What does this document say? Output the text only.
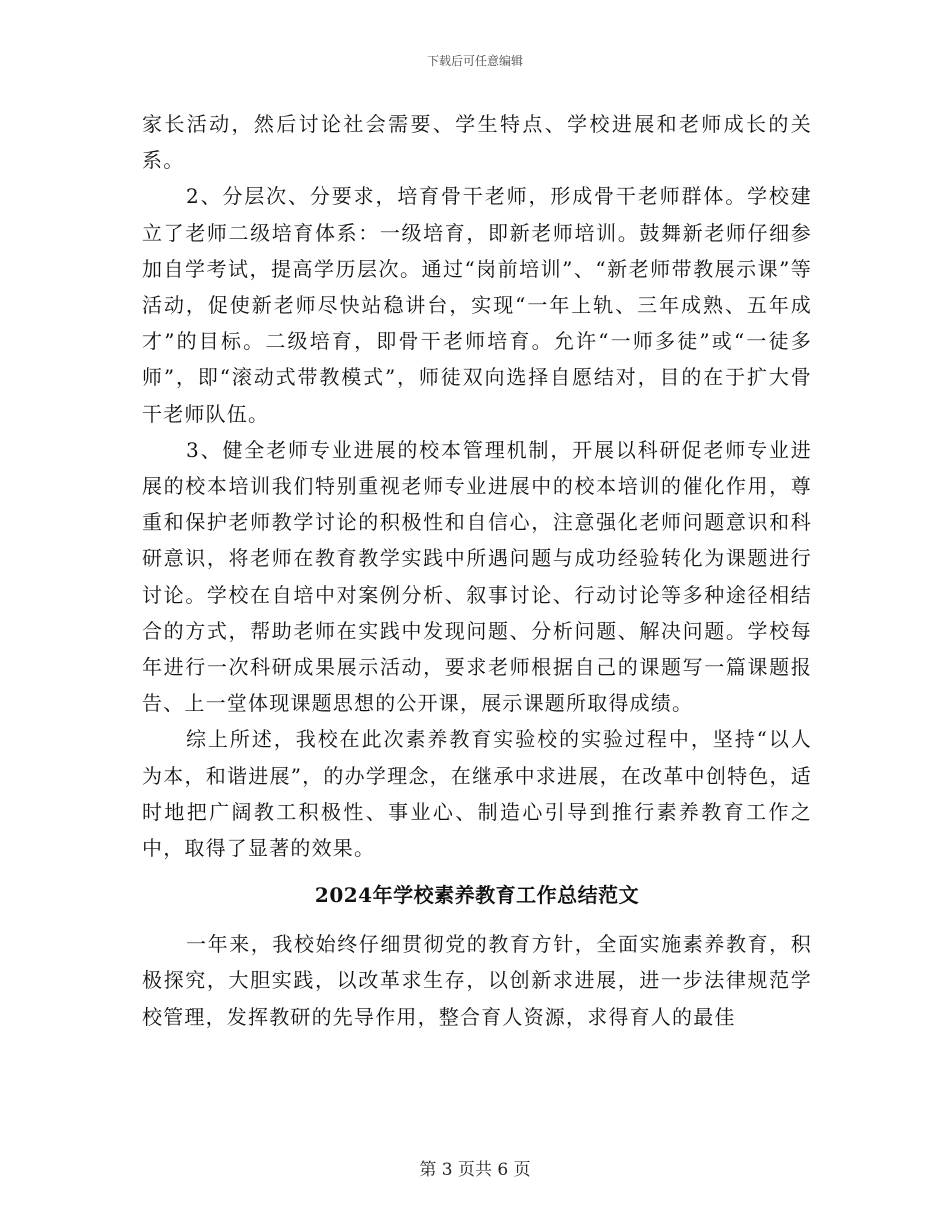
下载后可任意编辑

家长活动，然后讨论社会需要、学生特点、学校进展和老师成长的关系。

2、分层次、分要求，培育骨干老师，形成骨干老师群体。学校建立了老师二级培育体系：一级培育，即新老师培训。鼓舞新老师仔细参加自学考试，提高学历层次。通过“岗前培训”、“新老师带教展示课”等活动，促使新老师尽快站稳讲台，实现“一年上轨、三年成熟、五年成才”的目标。二级培育，即骨干老师培育。允许“一师多徒”或“一徒多师”，即“滚动式带教模式”，师徒双向选择自愿结对，目的在于扩大骨干老师队伍。

3、健全老师专业进展的校本管理机制，开展以科研促老师专业进展的校本培训我们特别重视老师专业进展中的校本培训的催化作用，尊重和保护老师教学讨论的积极性和自信心，注意强化老师问题意识和科研意识，将老师在教育教学实践中所遇问题与成功经验转化为课题进行讨论。学校在自培中对案例分析、叙事讨论、行动讨论等多种途径相结合的方式，帮助老师在实践中发现问题、分析问题、解决问题。学校每年进行一次科研成果展示活动，要求老师根据自己的课题写一篇课题报告、上一堂体现课题思想的公开课，展示课题所取得成绩。

综上所述，我校在此次素养教育实验校的实验过程中，坚持“以人为本，和谐进展”，的办学理念，在继承中求进展，在改革中创特色，适时地把广阔教工积极性、事业心、制造心引导到推行素养教育工作之中，取得了显著的效果。

2024年学校素养教育工作总结范文

一年来，我校始终仔细贯彻党的教育方针，全面实施素养教育，积极探究，大胆实践，以改革求生存，以创新求进展，进一步法律规范学校管理，发挥教研的先导作用，整合育人资源，求得育人的最佳

第 3 页共 6 页
